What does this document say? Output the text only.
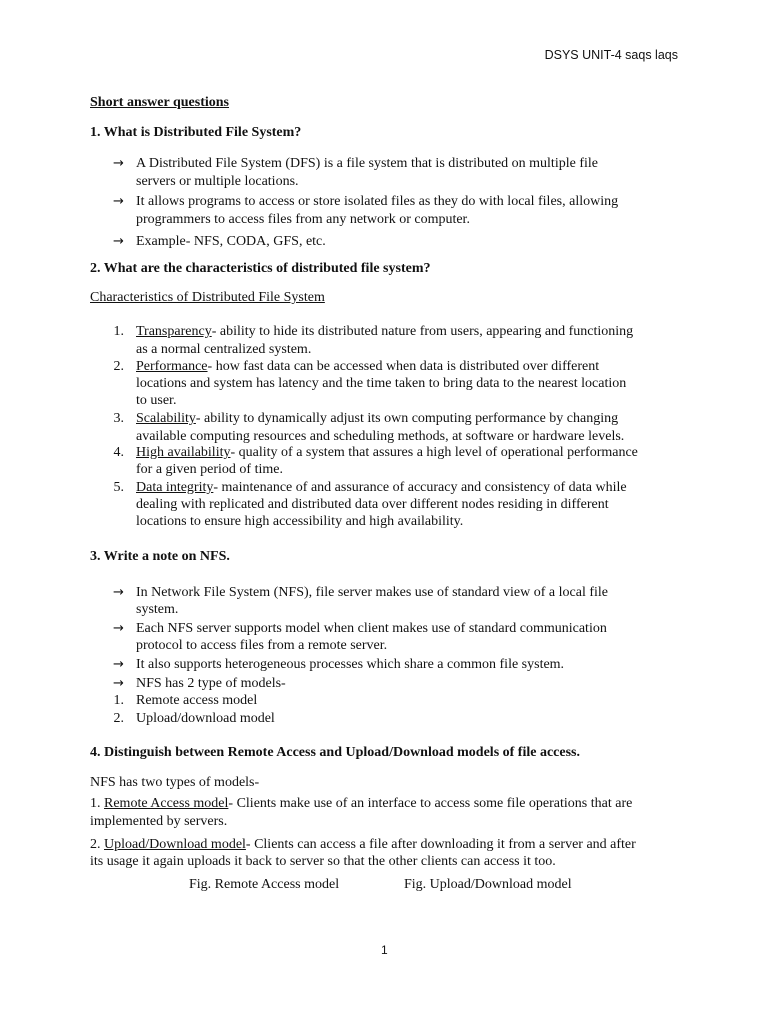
DSYS UNIT-4 saqs laqs
Short answer questions
1. What is Distributed File System?
→ A Distributed File System (DFS) is a file system that is distributed on multiple file
servers or multiple locations.
→ It allows programs to access or store isolated files as they do with local files, allowing
programmers to access files from any network or computer.
→ Example- NFS, CODA, GFS, etc.
2. What are the characteristics of distributed file system?
Characteristics of Distributed File System
1. Transparency- ability to hide its distributed nature from users, appearing and functioning
as a normal centralized system.
2. Performance- how fast data can be accessed when data is distributed over different
locations and system has latency and the time taken to bring data to the nearest location
to user.
3. Scalability- ability to dynamically adjust its own computing performance by changing
available computing resources and scheduling methods, at software or hardware levels.
4. High availability- quality of a system that assures a high level of operational performance
for a given period of time.
5. Data integrity- maintenance of and assurance of accuracy and consistency of data while
dealing with replicated and distributed data over different nodes residing in different
locations to ensure high accessibility and high availability.
3. Write a note on NFS.
→ In Network File System (NFS), file server makes use of standard view of a local file
system.
→ Each NFS server supports model when client makes use of standard communication
protocol to access files from a remote server.
→ It also supports heterogeneous processes which share a common file system.
→ NFS has 2 type of models-
1. Remote access model
2. Upload/download model
4. Distinguish between Remote Access and Upload/Download models of file access.
NFS has two types of models-
1. Remote Access model- Clients make use of an interface to access some file operations that are
implemented by servers.
2. Upload/Download model- Clients can access a file after downloading it from a server and after
its usage it again uploads it back to server so that the other clients can access it too.
Fig. Remote Access model	Fig. Upload/Download model
1
